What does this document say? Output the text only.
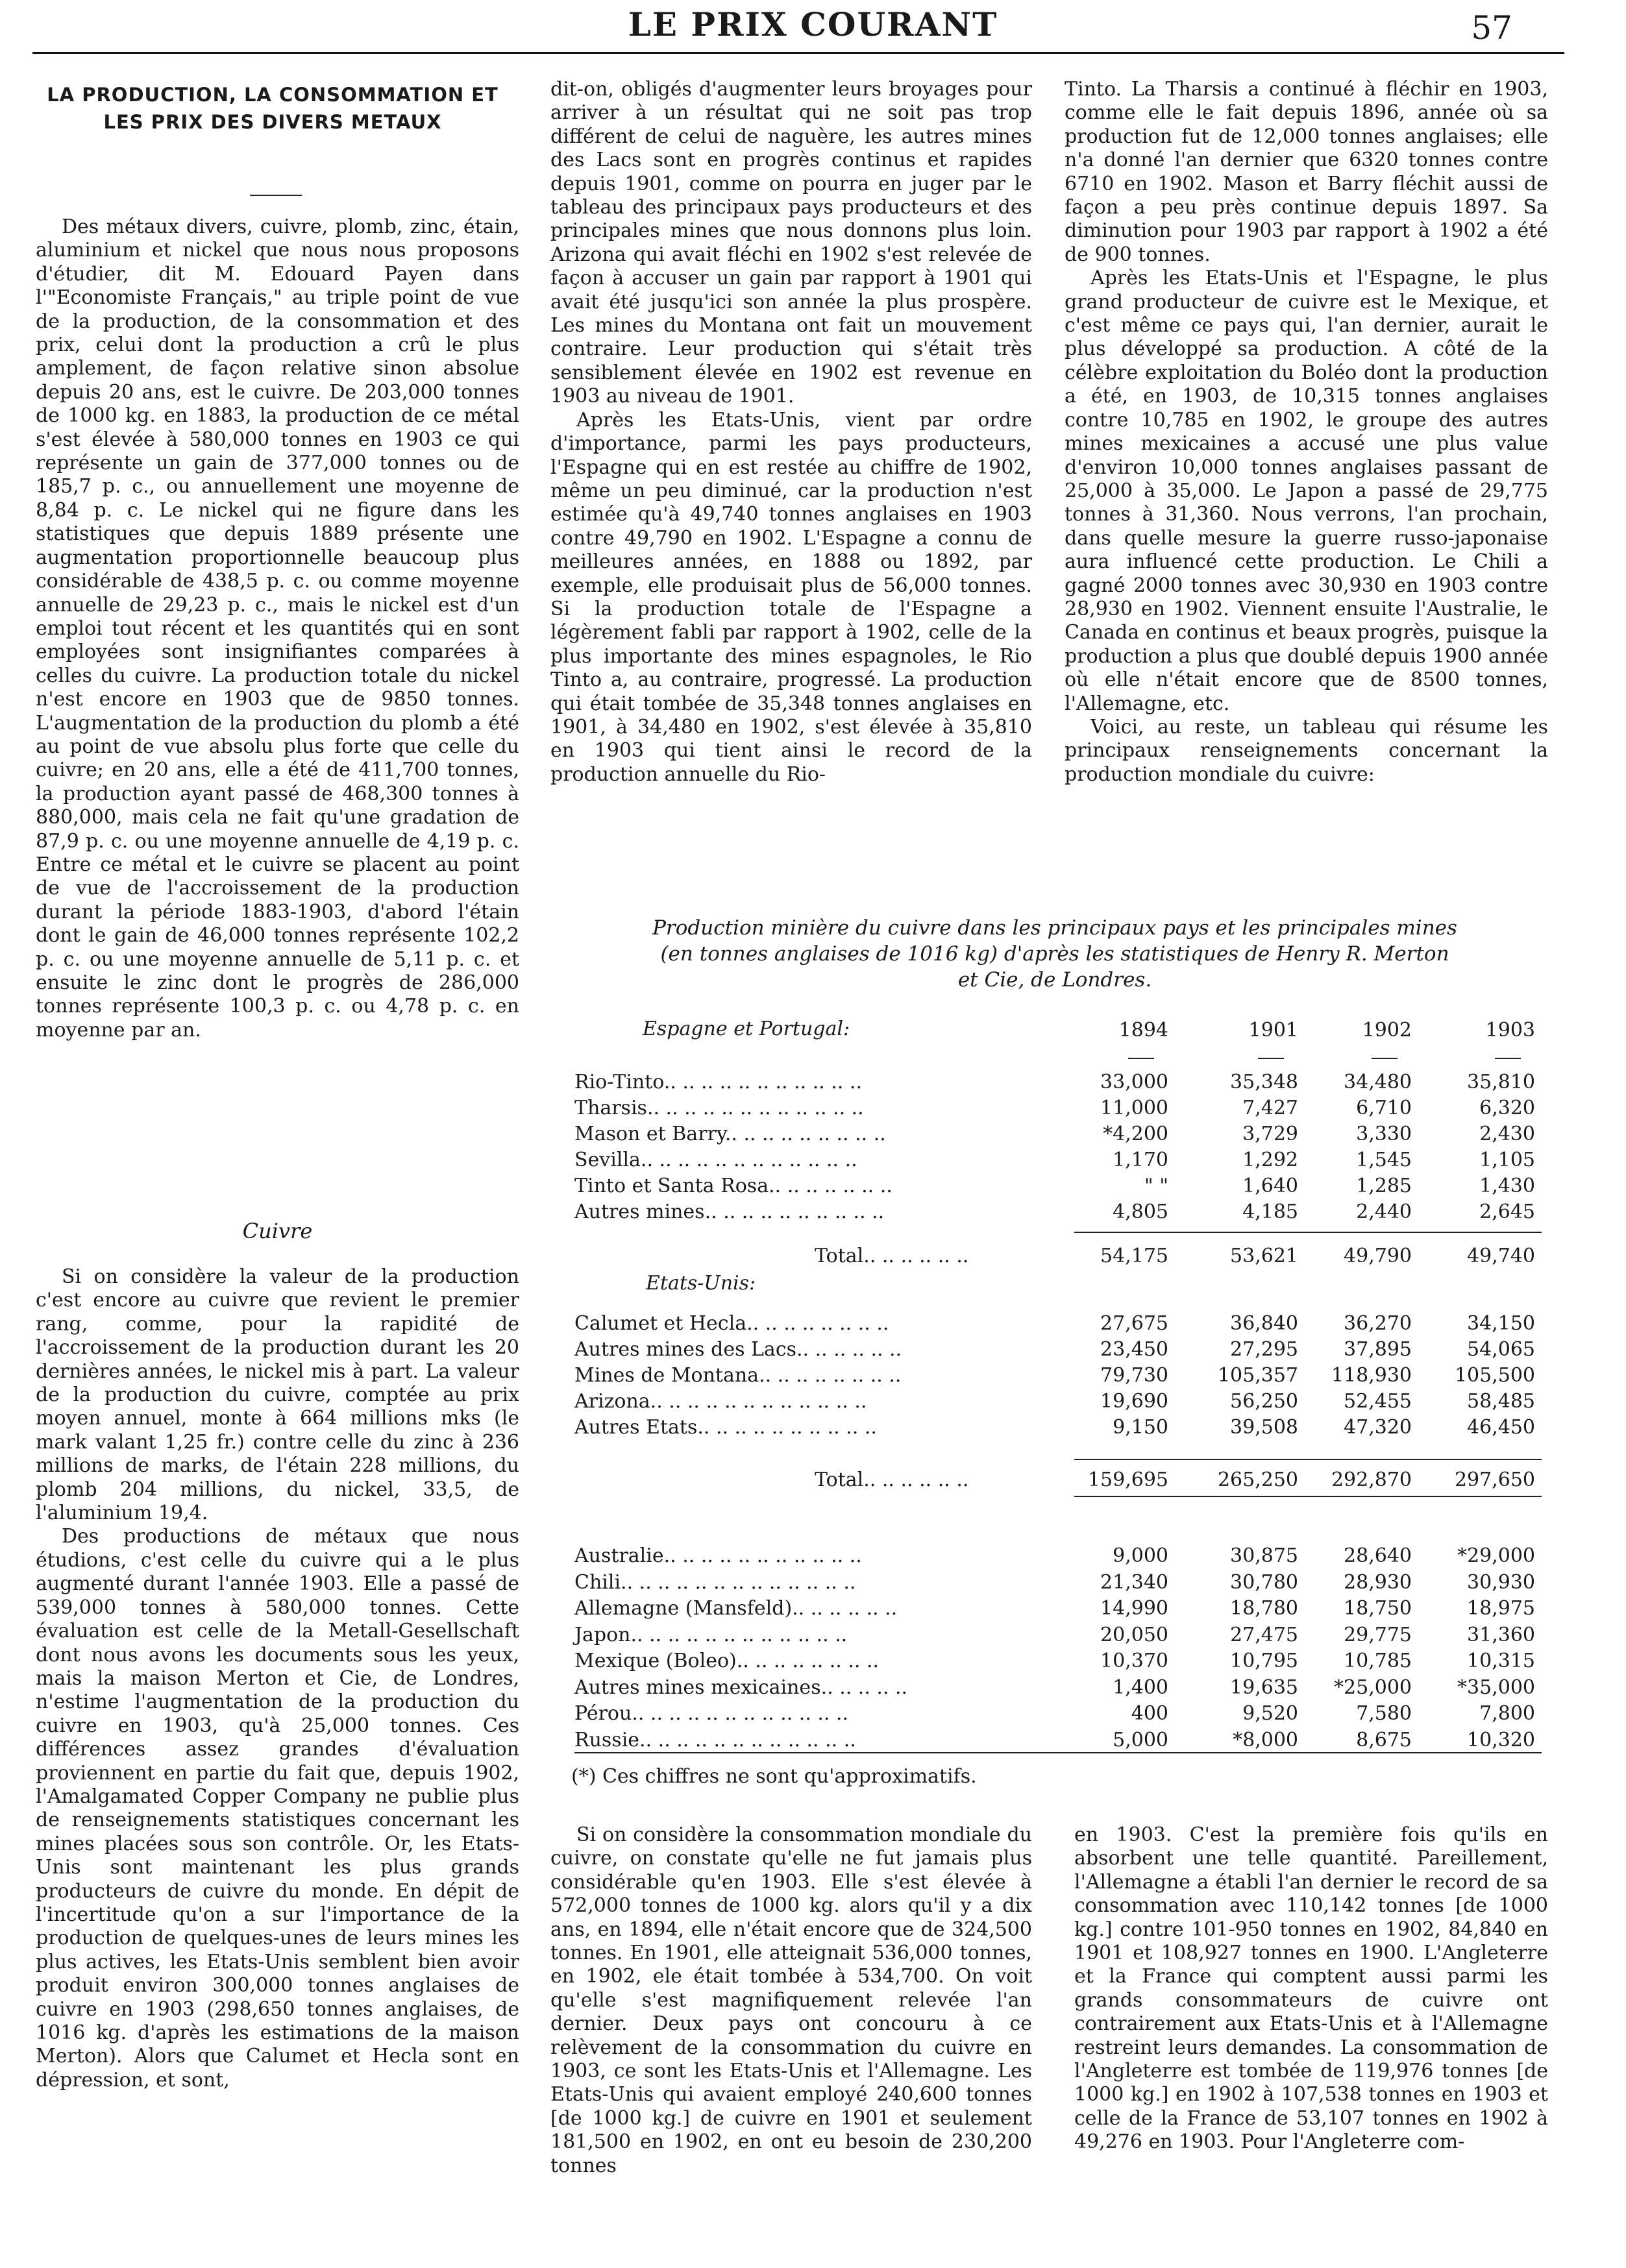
LE PRIX COURANT	57
LA PRODUCTION, LA CONSOMMATION ET LES PRIX DES DIVERS METAUX

Des métaux divers, cuivre, plomb, zinc, étain, aluminium et nickel que nous nous proposons d'étudier, dit M. Edouard Payen dans l'"Economiste Français," au triple point de vue de la production, de la consommation et des prix, celui dont la production a crû le plus amplement, de façon relative sinon absolue depuis 20 ans, est le cuivre. De 203,000 tonnes de 1000 kg. en 1883, la production de ce métal s'est élevée à 580,000 tonnes en 1903 ce qui représente un gain de 377,000 tonnes ou de 185,7 p. c., ou annuellement une moyenne de 8,84 p. c. Le nickel qui ne figure dans les statistiques que depuis 1889 présente une augmentation proportionnelle beaucoup plus considérable de 438,5 p. c. ou comme moyenne annuelle de 29,23 p. c., mais le nickel est d'un emploi tout récent et les quantités qui en sont employées sont insignifiantes comparées à celles du cuivre. La production totale du nickel n'est encore en 1903 que de 9850 tonnes. L'augmentation de la production du plomb a été au point de vue absolu plus forte que celle du cuivre; en 20 ans, elle a été de 411,700 tonnes, la production ayant passé de 468,300 tonnes à 880,000, mais cela ne fait qu'une gradation de 87,9 p. c. ou une moyenne annuelle de 4,19 p. c. Entre ce métal et le cuivre se placent au point de vue de l'accroissement de la production durant la période 1883-1903, d'abord l'étain dont le gain de 46,000 tonnes représente 102,2 p. c. ou une moyenne annuelle de 5,11 p. c. et ensuite le zinc dont le progrès de 286,000 tonnes représente 100,3 p. c. ou 4,78 p. c. en moyenne par an.

Cuivre

Si on considère la valeur de la production c'est encore au cuivre que revient le premier rang, comme, pour la rapidité de l'accroissement de la production durant les 20 dernières années, le nickel mis à part. La valeur de la production du cuivre, comptée au prix moyen annuel, monte à 664 millions mks (le mark valant 1,25 fr.) contre celle du zinc à 236 millions de marks, de l'étain 228 millions, du plomb 204 millions, du nickel, 33,5, de l'aluminium 19,4.

Des productions de métaux que nous étudions, c'est celle du cuivre qui a le plus augmenté durant l'année 1903. Elle a passé de 539,000 tonnes à 580,000 tonnes. Cette évaluation est celle de la Metall-Gesellschaft dont nous avons les documents sous les yeux, mais la maison Merton et Cie, de Londres, n'estime l'augmentation de la production du cuivre en 1903, qu'à 25,000 tonnes. Ces différences assez grandes d'évaluation proviennent en partie du fait que, depuis 1902, l'Amalgamated Copper Company ne publie plus de renseignements statistiques concernant les mines placées sous son contrôle. Or, les Etats-Unis sont maintenant les plus grands producteurs de cuivre du monde. En dépit de l'incertitude qu'on a sur l'importance de la production de quelques-unes de leurs mines les plus actives, les Etats-Unis semblent bien avoir produit environ 300,000 tonnes anglaises de cuivre en 1903 (298,650 tonnes anglaises, de 1016 kg. d'après les estimations de la maison Merton). Alors que Calumet et Hecla sont en dépression, et sont,

dit-on, obligés d'augmenter leurs broyages pour arriver à un résultat qui ne soit pas trop différent de celui de naguère, les autres mines des Lacs sont en progrès continus et rapides depuis 1901, comme on pourra en juger par le tableau des principaux pays producteurs et des principales mines que nous donnons plus loin. Arizona qui avait fléchi en 1902 s'est relevée de façon à accuser un gain par rapport à 1901 qui avait été jusqu'ici son année la plus prospère. Les mines du Montana ont fait un mouvement contraire. Leur production qui s'était très sensiblement élevée en 1902 est revenue en 1903 au niveau de 1901.

Après les Etats-Unis, vient par ordre d'importance, parmi les pays producteurs, l'Espagne qui en est restée au chiffre de 1902, même un peu diminué, car la production n'est estimée qu'à 49,740 tonnes anglaises en 1903 contre 49,790 en 1902. L'Espagne a connu de meilleures années, en 1888 ou 1892, par exemple, elle produisait plus de 56,000 tonnes. Si la production totale de l'Espagne a légèrement fabli par rapport à 1902, celle de la plus importante des mines espagnoles, le Rio Tinto a, au contraire, progressé. La production qui était tombée de 35,348 tonnes anglaises en 1901, à 34,480 en 1902, s'est élevée à 35,810 en 1903 qui tient ainsi le record de la production annuelle du Rio-

Tinto. La Tharsis a continué à fléchir en 1903, comme elle le fait depuis 1896, année où sa production fut de 12,000 tonnes anglaises; elle n'a donné l'an dernier que 6320 tonnes contre 6710 en 1902. Mason et Barry fléchit aussi de façon a peu près continue depuis 1897. Sa diminution pour 1903 par rapport à 1902 a été de 900 tonnes.

Après les Etats-Unis et l'Espagne, le plus grand producteur de cuivre est le Mexique, et c'est même ce pays qui, l'an dernier, aurait le plus développé sa production. A côté de la célèbre exploitation du Boléo dont la production a été, en 1903, de 10,315 tonnes anglaises contre 10,785 en 1902, le groupe des autres mines mexicaines a accusé une plus value d'environ 10,000 tonnes anglaises passant de 25,000 à 35,000. Le Japon a passé de 29,775 tonnes à 31,360. Nous verrons, l'an prochain, dans quelle mesure la guerre russo-japonaise aura influencé cette production. Le Chili a gagné 2000 tonnes avec 30,930 en 1903 contre 28,930 en 1902. Viennent ensuite l'Australie, le Canada en continus et beaux progrès, puisque la production a plus que doublé depuis 1900 année où elle n'était encore que de 8500 tonnes, l'Allemagne, etc.

Voici, au reste, un tableau qui résume les principaux renseignements concernant la production mondiale du cuivre:

Production minière du cuivre dans les principaux pays et les principales mines
(en tonnes anglaises de 1016 kg) d'après les statistiques de Henry R. Merton
et Cie, de Londres.
Espagne et Portugal:	1894	1901	1902	1903
Rio-Tinto.. .. .. .. .. .. .. .. .. .. ..	33,000	35,348	34,480	35,810
Tharsis.. .. .. .. .. .. .. .. .. .. .. ..	11,000	7,427	6,710	6,320
Mason et Barry.. .. .. .. .. .. .. .. ..	*4,200	3,729	3,330	2,430
Sevilla.. .. .. .. .. .. .. .. .. .. .. ..	1,170	1,292	1,545	1,105
Tinto et Santa Rosa.. .. .. .. .. .. ..	" "	1,640	1,285	1,430
Autres mines.. .. .. .. .. .. .. .. .. ..	4,805	4,185	2,440	2,645
Total.. .. .. .. .. ..	54,175	53,621	49,790	49,740
Etats-Unis:
Calumet et Hecla.. .. .. .. .. .. .. ..	27,675	36,840	36,270	34,150
Autres mines des Lacs.. .. .. .. .. ..	23,450	27,295	37,895	54,065
Mines de Montana.. .. .. .. .. .. .. ..	79,730	105,357	118,930	105,500
Arizona.. .. .. .. .. .. .. .. .. .. .. ..	19,690	56,250	52,455	58,485
Autres Etats.. .. .. .. .. .. .. .. .. ..	9,150	39,508	47,320	46,450
Total.. .. .. .. .. ..	159,695	265,250	292,870	297,650
Australie.. .. .. .. .. .. .. .. .. .. ..	9,000	30,875	28,640	*29,000
Chili.. .. .. .. .. .. .. .. .. .. .. .. ..	21,340	30,780	28,930	30,930
Allemagne (Mansfeld).. .. .. .. .. ..	14,990	18,780	18,750	18,975
Japon.. .. .. .. .. .. .. .. .. .. .. ..	20,050	27,475	29,775	31,360
Mexique (Boleo).. .. .. .. .. .. .. ..	10,370	10,795	10,785	10,315
Autres mines mexicaines.. .. .. .. ..	1,400	19,635	*25,000	*35,000
Pérou.. .. .. .. .. .. .. .. .. .. .. ..	400	9,520	7,580	7,800
Russie.. .. .. .. .. .. .. .. .. .. .. ..	5,000	*8,000	8,675	10,320
(*) Ces chiffres ne sont qu'approximatifs.

Si on considère la consommation mondiale du cuivre, on constate qu'elle ne fut jamais plus considérable qu'en 1903. Elle s'est élevée à 572,000 tonnes de 1000 kg. alors qu'il y a dix ans, en 1894, elle n'était encore que de 324,500 tonnes. En 1901, elle atteignait 536,000 tonnes, en 1902, ele était tombée à 534,700. On voit qu'elle s'est magnifiquement relevée l'an dernier. Deux pays ont concouru à ce relèvement de la consommation du cuivre en 1903, ce sont les Etats-Unis et l'Allemagne. Les Etats-Unis qui avaient employé 240,600 tonnes [de 1000 kg.] de cuivre en 1901 et seulement 181,500 en 1902, en ont eu besoin de 230,200 tonnes

en 1903. C'est la première fois qu'ils en absorbent une telle quantité. Pareillement, l'Allemagne a établi l'an dernier le record de sa consommation avec 110,142 tonnes [de 1000 kg.] contre 101-950 tonnes en 1902, 84,840 en 1901 et 108,927 tonnes en 1900. L'Angleterre et la France qui comptent aussi parmi les grands consommateurs de cuivre ont contrairement aux Etats-Unis et à l'Allemagne restreint leurs demandes. La consommation de l'Angleterre est tombée de 119,976 tonnes [de 1000 kg.] en 1902 à 107,538 tonnes en 1903 et celle de la France de 53,107 tonnes en 1902 à 49,276 en 1903. Pour l'Angleterre com-
